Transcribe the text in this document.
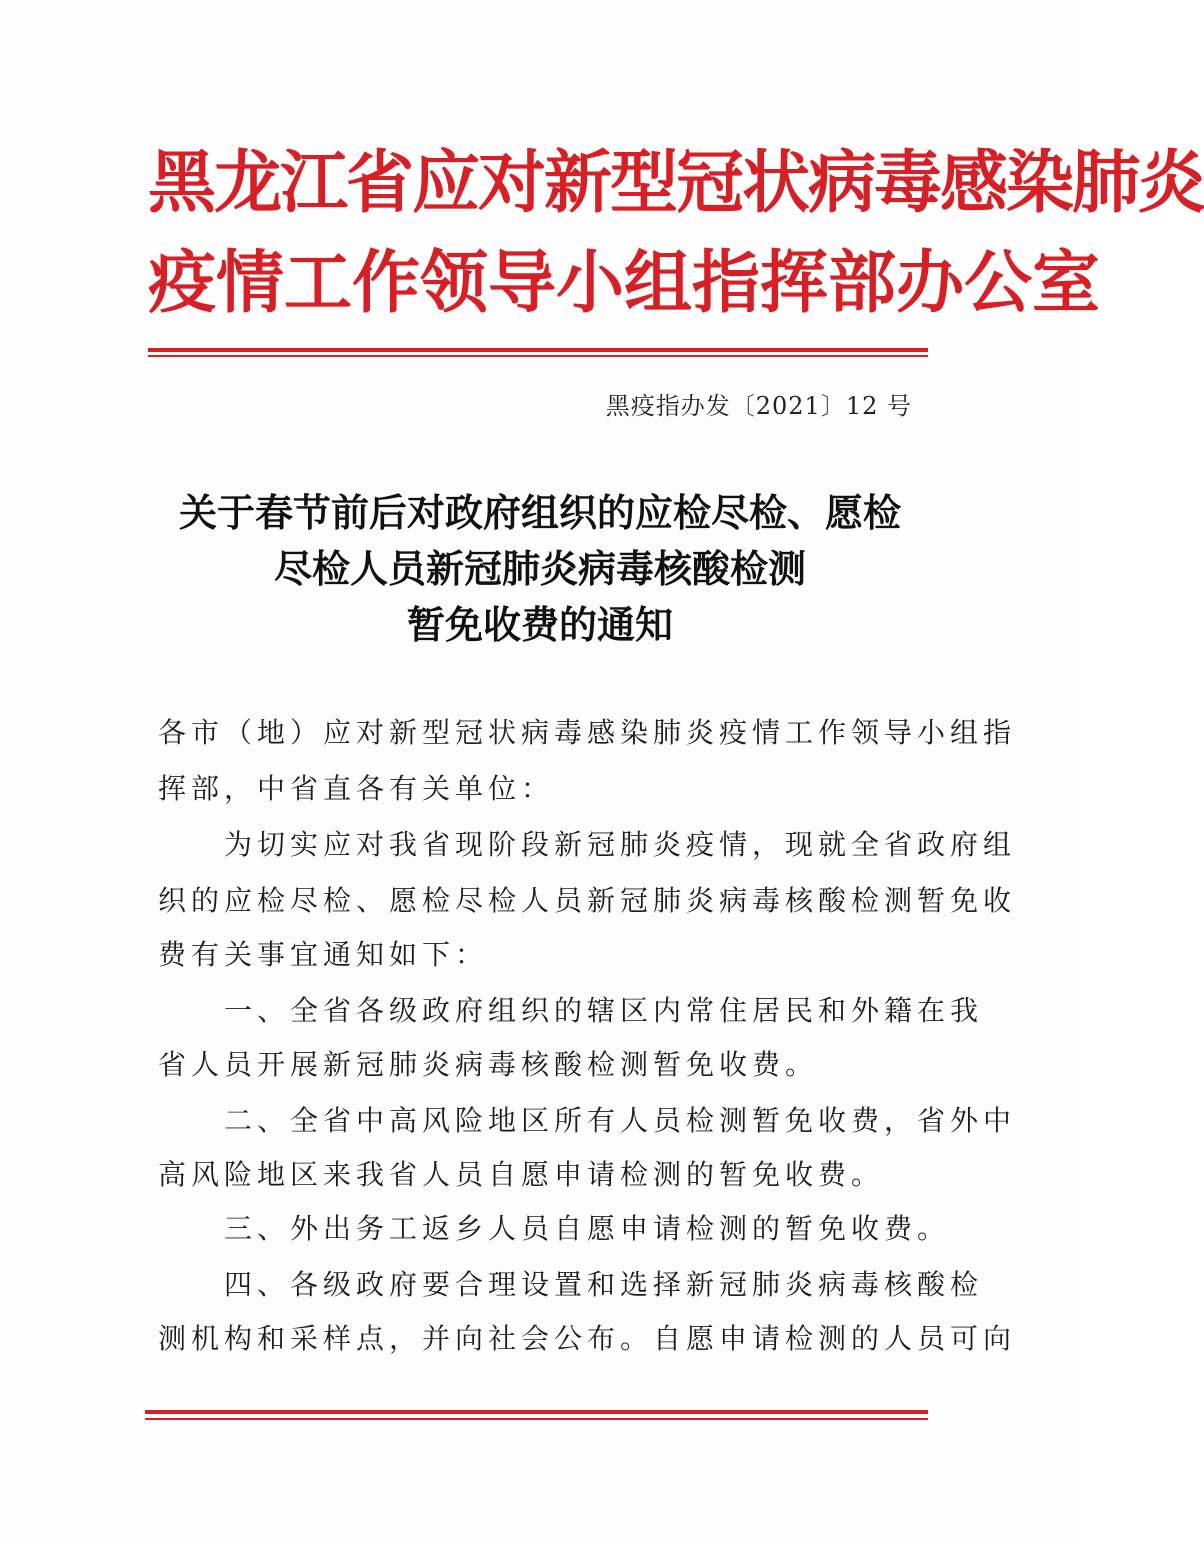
黑龙江省应对新型冠状病毒感染肺炎
疫情工作领导小组指挥部办公室
黑疫指办发〔2021〕12 号
关于春节前后对政府组织的应检尽检、愿检
尽检人员新冠肺炎病毒核酸检测
暂免收费的通知
各市（地）应对新型冠状病毒感染肺炎疫情工作领导小组指
挥部，中省直各有关单位：
　　为切实应对我省现阶段新冠肺炎疫情，现就全省政府组
织的应检尽检、愿检尽检人员新冠肺炎病毒核酸检测暂免收
费有关事宜通知如下：
　　一、全省各级政府组织的辖区内常住居民和外籍在我
省人员开展新冠肺炎病毒核酸检测暂免收费。
　　二、全省中高风险地区所有人员检测暂免收费，省外中
高风险地区来我省人员自愿申请检测的暂免收费。
　　三、外出务工返乡人员自愿申请检测的暂免收费。
　　四、各级政府要合理设置和选择新冠肺炎病毒核酸检
测机构和采样点，并向社会公布。自愿申请检测的人员可向
